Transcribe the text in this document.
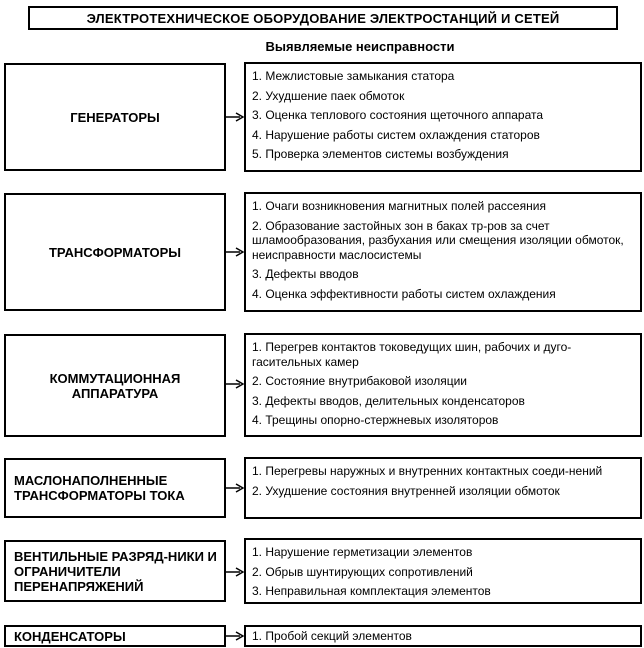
ЭЛЕКТРОТЕХНИЧЕСКОЕ ОБОРУДОВАНИЕ ЭЛЕКТРОСТАНЦИЙ И СЕТЕЙ
Выявляемые неисправности
ГЕНЕРАТОРЫ
1. Межлистовые замыкания статора
2. Ухудшение паек обмоток
3. Оценка теплового состояния щеточного аппарата
4. Нарушение работы систем охлаждения статоров
5. Проверка элементов системы возбуждения
ТРАНСФОРМАТОРЫ
1. Очаги возникновения магнитных полей рассеяния
2. Образование застойных зон в баках тр-ров за счет шламообразования, разбухания или смещения изоляции обмоток, неисправности маслосистемы
3. Дефекты вводов
4. Оценка эффективности работы систем охлаждения
КОММУТАЦИОННАЯ АППАРАТУРА
1. Перегрев контактов токоведущих шин, рабочих и дуго-гасительных камер
2. Состояние внутрибаковой изоляции
3. Дефекты вводов, делительных конденсаторов
4. Трещины опорно-стержневых изоляторов
МАСЛОНАПОЛНЕННЫЕ ТРАНСФОРМАТОРЫ ТОКА
1. Перегревы наружных и внутренних контактных соеди-нений
2. Ухудшение состояния внутренней изоляции обмоток
ВЕНТИЛЬНЫЕ РАЗРЯД-НИКИ И ОГРАНИЧИТЕЛИ ПЕРЕНАПРЯЖЕНИЙ
1. Нарушение герметизации элементов
2. Обрыв шунтирующих сопротивлений
3. Неправильная комплектация элементов
КОНДЕНСАТОРЫ	1. Пробой секций элементов
